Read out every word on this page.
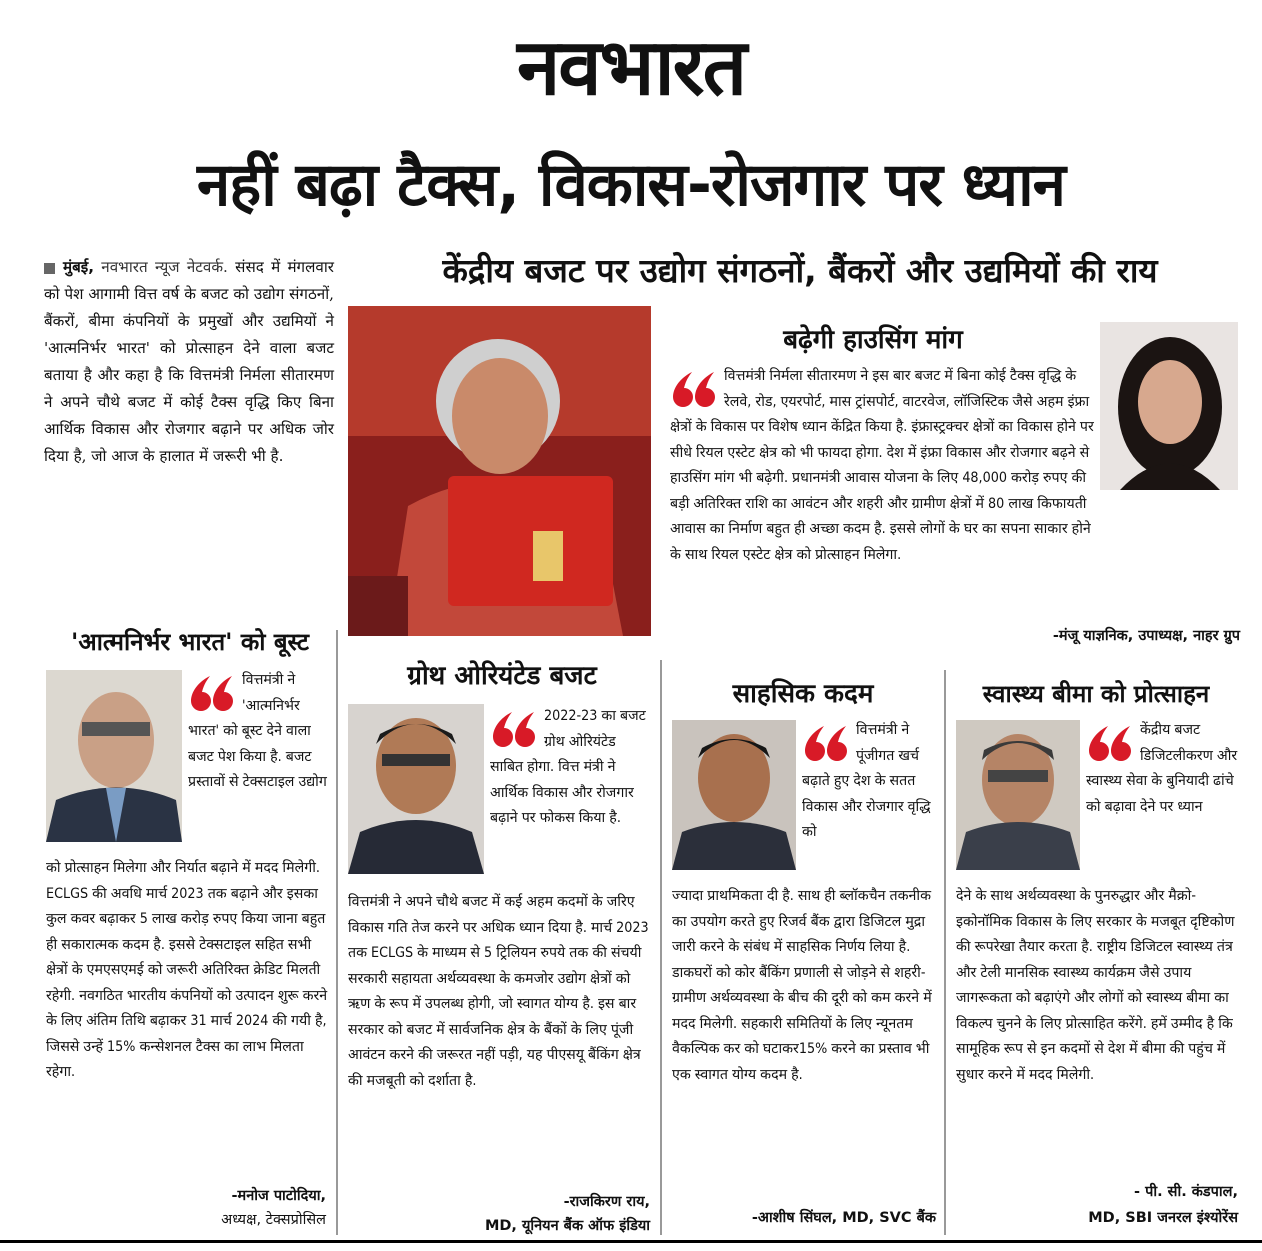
नवभारत
नहीं बढ़ा टैक्स, विकास-रोजगार पर ध्यान
केंद्रीय बजट पर उद्योग संगठनों, बैंकरों और उद्यमियों की राय
मुंबई, नवभारत न्यूज नेटवर्क. संसद में मंगलवार को पेश आगामी वित्त वर्ष के बजट को उद्योग संगठनों, बैंकरों, बीमा कंपनियों के प्रमुखों और उद्यमियों ने 'आत्मनिर्भर भारत' को प्रोत्साहन देने वाला बजट बताया है और कहा है कि वित्तमंत्री निर्मला सीतारमण ने अपने चौथे बजट में कोई टैक्स वृद्धि किए बिना आर्थिक विकास और रोजगार बढ़ाने पर अधिक जोर दिया है, जो आज के हालात में जरूरी भी है.
बढ़ेगी हाउसिंग मांग
वित्तमंत्री निर्मला सीतारमण ने इस बार बजट में बिना कोई टैक्स वृद्धि के रेलवे, रोड, एयरपोर्ट, मास ट्रांसपोर्ट, वाटरवेज, लॉजिस्टिक जैसे अहम इंफ्रा क्षेत्रों के विकास पर विशेष ध्यान केंद्रित किया है. इंफ्रास्ट्रक्चर क्षेत्रों का विकास होने पर सीधे रियल एस्टेट क्षेत्र को भी फायदा होगा. देश में इंफ्रा विकास और रोजगार बढ़ने से हाउसिंग मांग भी बढ़ेगी. प्रधानमंत्री आवास योजना के लिए 48,000 करोड़ रुपए की बड़ी अतिरिक्त राशि का आवंटन और शहरी और ग्रामीण क्षेत्रों में 80 लाख किफायती आवास का निर्माण बहुत ही अच्छा कदम है. इससे लोगों के घर का सपना साकार होने के साथ रियल एस्टेट क्षेत्र को प्रोत्साहन मिलेगा.
-मंजू याज्ञनिक, उपाध्यक्ष, नाहर ग्रुप
'आत्मनिर्भर भारत' को बूस्ट
वित्तमंत्री ने 'आत्मनिर्भर भारत' को बूस्ट देने वाला बजट पेश किया है. बजट प्रस्तावों से टेक्सटाइल उद्योग
को प्रोत्साहन मिलेगा और निर्यात बढ़ाने में मदद मिलेगी. ECLGS की अवधि मार्च 2023 तक बढ़ाने और इसका कुल कवर बढ़ाकर 5 लाख करोड़ रुपए किया जाना बहुत ही सकारात्मक कदम है. इससे टेक्सटाइल सहित सभी क्षेत्रों के एमएसएमई को जरूरी अतिरिक्त क्रेडिट मिलती रहेगी. नवगठित भारतीय कंपनियों को उत्पादन शुरू करने के लिए अंतिम तिथि बढ़ाकर 31 मार्च 2024 की गयी है, जिससे उन्हें 15% कन्सेशनल टैक्स का लाभ मिलता रहेगा.
-मनोज पाटोदिया,
अध्यक्ष, टेक्सप्रोसिल
ग्रोथ ओरियंटेड बजट
2022-23 का बजट ग्रोथ ओरियंटेड साबित होगा. वित्त मंत्री ने आर्थिक विकास और रोजगार बढ़ाने पर फोकस किया है.
वित्तमंत्री ने अपने चौथे बजट में कई अहम कदमों के जरिए विकास गति तेज करने पर अधिक ध्यान दिया है. मार्च 2023 तक ECLGS के माध्यम से 5 ट्रिलियन रुपये तक की संचयी सरकारी सहायता अर्थव्यवस्था के कमजोर उद्योग क्षेत्रों को ऋण के रूप में उपलब्ध होगी, जो स्वागत योग्य है. इस बार सरकार को बजट में सार्वजनिक क्षेत्र के बैंकों के लिए पूंजी आवंटन करने की जरूरत नहीं पड़ी, यह पीएसयू बैंकिंग क्षेत्र की मजबूती को दर्शाता है.
-राजकिरण राय,
MD, यूनियन बैंक ऑफ इंडिया
साहसिक कदम
वित्तमंत्री ने पूंजीगत खर्च बढ़ाते हुए देश के सतत विकास और रोजगार वृद्धि को
ज्यादा प्राथमिकता दी है. साथ ही ब्लॉकचैन तकनीक का उपयोग करते हुए रिजर्व बैंक द्वारा डिजिटल मुद्रा जारी करने के संबंध में साहसिक निर्णय लिया है. डाकघरों को कोर बैंकिंग प्रणाली से जोड़ने से शहरी-ग्रामीण अर्थव्यवस्था के बीच की दूरी को कम करने में मदद मिलेगी. सहकारी समितियों के लिए न्यूनतम वैकल्पिक कर को घटाकर15% करने का प्रस्ताव भी एक स्वागत योग्य कदम है.
-आशीष सिंघल, MD, SVC बैंक
स्वास्थ्य बीमा को प्रोत्साहन
केंद्रीय बजट डिजिटलीकरण और स्वास्थ्य सेवा के बुनियादी ढांचे को बढ़ावा देने पर ध्यान
देने के साथ अर्थव्यवस्था के पुनरुद्धार और मैक्रो-इकोनॉमिक विकास के लिए सरकार के मजबूत दृष्टिकोण की रूपरेखा तैयार करता है. राष्ट्रीय डिजिटल स्वास्थ्य तंत्र और टेली मानसिक स्वास्थ्य कार्यक्रम जैसे उपाय जागरूकता को बढ़ाएंगे और लोगों को स्वास्थ्य बीमा का विकल्प चुनने के लिए प्रोत्साहित करेंगे. हमें उम्मीद है कि सामूहिक रूप से इन कदमों से देश में बीमा की पहुंच में सुधार करने में मदद मिलेगी.
- पी. सी. कंडपाल,
MD, SBI जनरल इंश्योरेंस
